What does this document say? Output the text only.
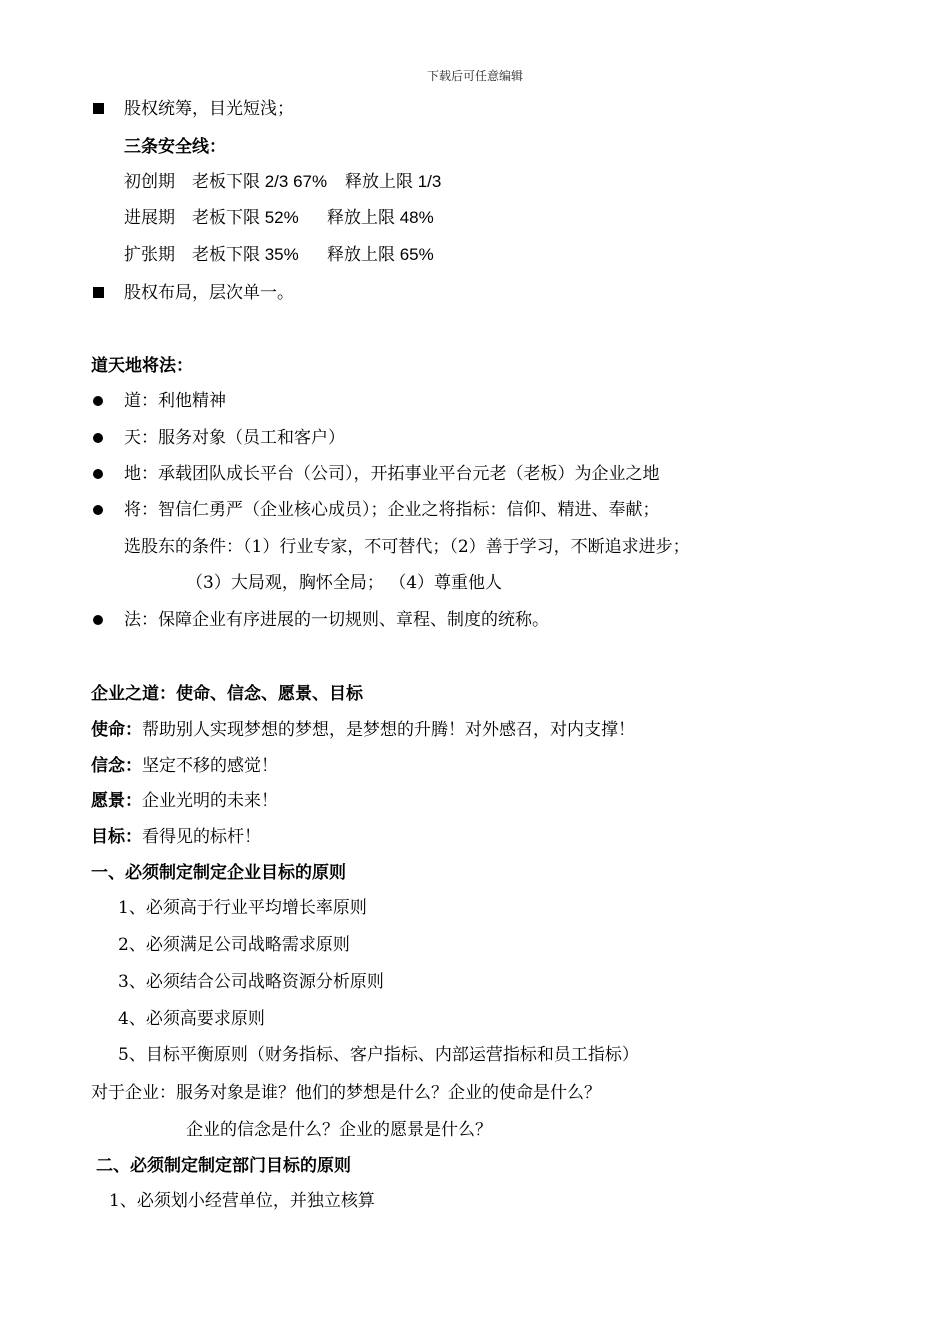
下载后可任意编辑
股权统筹，目光短浅；
三条安全线：
初创期 老板下限 2/3 67% 释放上限 1/3
进展期 老板下限 52% 释放上限 48%
扩张期 老板下限 35% 释放上限 65%
股权布局，层次单一。
道天地将法：
道：利他精神
天：服务对象（员工和客户）
地：承载团队成长平台（公司），开拓事业平台元老（老板）为企业之地
将：智信仁勇严（企业核心成员）；企业之将指标：信仰、精进、奉献；
选股东的条件：（1）行业专家，不可替代；（2）善于学习，不断追求进步；
（3）大局观，胸怀全局； （4）尊重他人
法：保障企业有序进展的一切规则、章程、制度的统称。
企业之道：使命、信念、愿景、目标
使命：帮助别人实现梦想的梦想，是梦想的升腾！对外感召，对内支撑！
信念：坚定不移的感觉！
愿景：企业光明的未来！
目标：看得见的标杆！
一、必须制定制定企业目标的原则
1、必须高于行业平均增长率原则
2、必须满足公司战略需求原则
3、必须结合公司战略资源分析原则
4、必须高要求原则
5、目标平衡原则（财务指标、客户指标、内部运营指标和员工指标）
对于企业：服务对象是谁？他们的梦想是什么？企业的使命是什么？
企业的信念是什么？企业的愿景是什么？
二、必须制定制定部门目标的原则
1、必须划小经营单位，并独立核算
